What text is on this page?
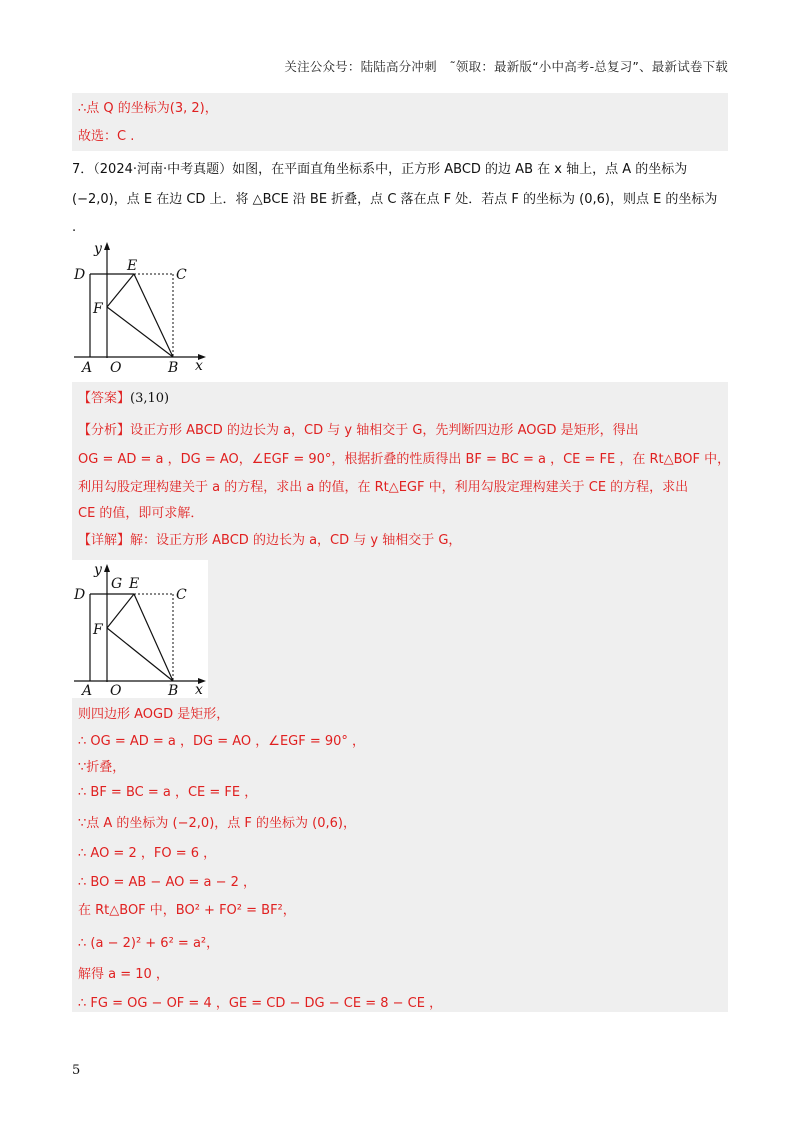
关注公众号：陆陆高分冲刺　˜领取：最新版“小中高考-总复习”、最新试卷下载
∴点 Q 的坐标为(3, 2)，
故选：C .
7．（2024·河南·中考真题）如图，在平面直角坐标系中，正方形 ABCD 的边 AB 在 x 轴上，点 A 的坐标为
(−2,0)，点 E 在边 CD 上．将 △BCE 沿 BE 折叠，点 C 落在点 F 处．若点 F 的坐标为 (0,6)，则点 E 的坐标为
.
y
D
E
C
F
A O	B x
【答案】(3,10)
【分析】设正方形 ABCD 的边长为 a，CD 与 y 轴相交于 G，先判断四边形 AOGD 是矩形，得出
OG = AD = a ，DG = AO，∠EGF = 90°，根据折叠的性质得出 BF = BC = a ，CE = FE ，在 Rt△BOF 中，
利用勾股定理构建关于 a 的方程，求出 a 的值，在 Rt△EGF 中，利用勾股定理构建关于 CE 的方程，求出
CE 的值，即可求解．
【详解】解：设正方形 ABCD 的边长为 a，CD 与 y 轴相交于 G，
y
G E
D	C
F
A O	B x
则四边形 AOGD 是矩形，
∴ OG = AD = a ，DG = AO ，∠EGF = 90° ，
∵折叠，
∴ BF = BC = a ，CE = FE ，
∵点 A 的坐标为 (−2,0)，点 F 的坐标为 (0,6)，
∴ AO = 2 ，FO = 6 ，
∴ BO = AB − AO = a − 2 ，
在 Rt△BOF 中，BO² + FO² = BF²，
∴ (a − 2)² + 6² = a²，
解得 a = 10 ，
∴ FG = OG − OF = 4 ，GE = CD − DG − CE = 8 − CE ，
5
